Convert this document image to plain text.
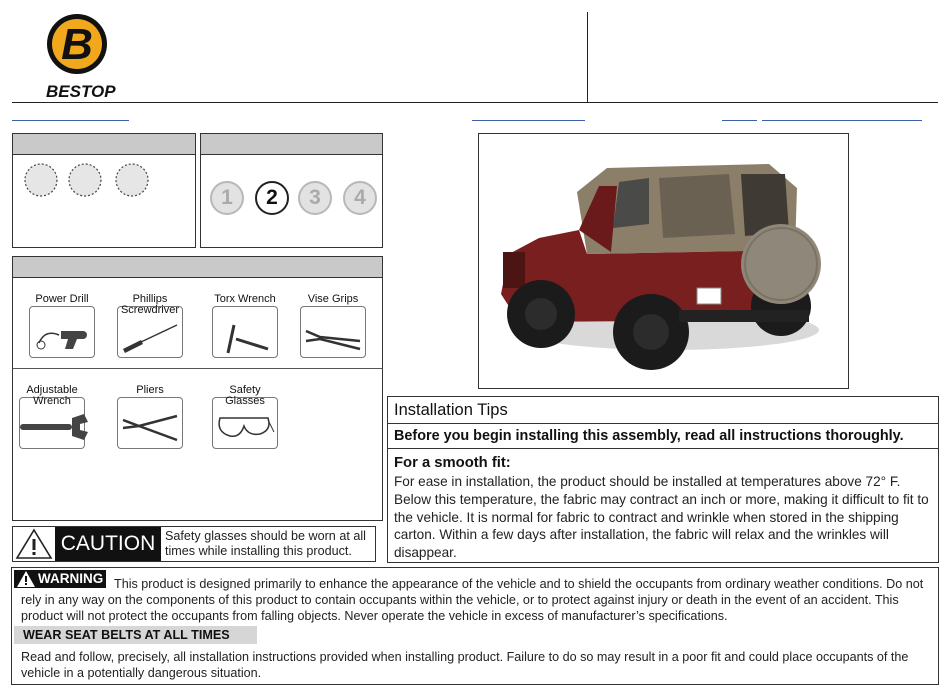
B
BESTOP
1	2	3	4
Power Drill	Phillips Screwdriver
Torx Wrench	Vise Grips
Adjustable Wrench
Pliers	Safety Glasses
CAUTION Safety glasses should be worn at all times while installing this product.
Installation Tips
Before you begin installing this assembly, read all instructions thoroughly.
For a smooth fit:
For ease in installation, the product should be installed at temperatures above 72° F. Below this temperature, the fabric may contract an inch or more, making it difficult to fit to the vehicle. It is normal for fabric to contract and wrinkle when stored in the shipping carton. Within a few days after installation, the fabric will relax and the wrinkles will disappear.
WARNING This product is designed primarily to enhance the appearance of the vehicle and to shield the occupants from ordinary weather conditions. Do not rely in any way on the components of this product to contain occupants within the vehicle, or to protect against injury or death in the event of an accident. This product will not protect the occupants from falling objects. Never operate the vehicle in excess of manufacturer’s specifications.

WEAR SEAT BELTS AT ALL TIMES

Read and follow, precisely, all installation instructions provided when installing product. Failure to do so may result in a poor fit and could place occupants of the vehicle in a potentially dangerous situation.
